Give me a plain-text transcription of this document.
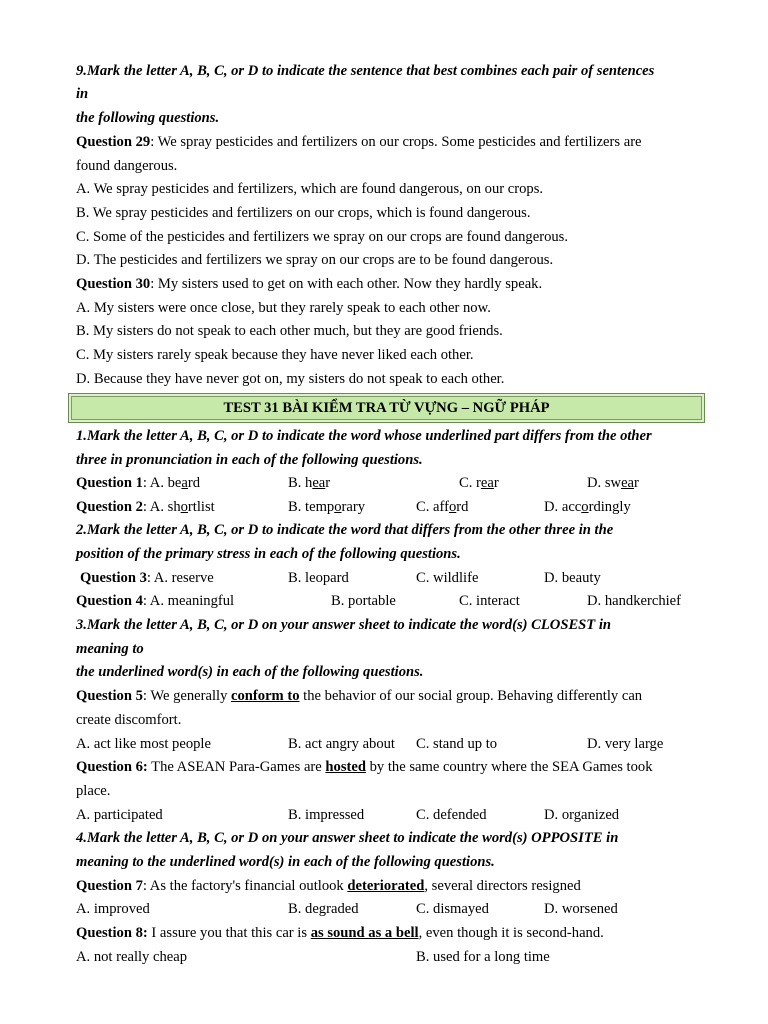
9.Mark the letter A, B, C, or D to indicate the sentence that best combines each pair of sentences
in
the following questions.
Question 29: We spray pesticides and fertilizers on our crops. Some pesticides and fertilizers are
found dangerous.
A. We spray pesticides and fertilizers, which are found dangerous, on our crops.
B. We spray pesticides and fertilizers on our crops, which is found dangerous.
C. Some of the pesticides and fertilizers we spray on our crops are found dangerous.
D. The pesticides and fertilizers we spray on our crops are to be found dangerous.
Question 30: My sisters used to get on with each other. Now they hardly speak.
A. My sisters were once close, but they rarely speak to each other now.
B. My sisters do not speak to each other much, but they are good friends.
C. My sisters rarely speak because they have never liked each other.
D. Because they have never got on, my sisters do not speak to each other.
TEST 31 BÀI KIỂM TRA TỪ VỰNG – NGỮ PHÁP
1.Mark the letter A, B, C, or D to indicate the word whose underlined part differs from the other
three in pronunciation in each of the following questions.
Question 1: A. beard	B. hear	C. rear	D. swear
Question 2: A. shortlist	B. temporary	C. afford	D. accordingly
2.Mark the letter A, B, C, or D to indicate the word that differs from the other three in the
position of the primary stress in each of the following questions.
Question 3: A. reserve	B. leopard	C. wildlife	D. beauty
Question 4: A. meaningful	B. portable	C. interact	D. handkerchief
3.Mark the letter A, B, C, or D on your answer sheet to indicate the word(s) CLOSEST in
meaning to
the underlined word(s) in each of the following questions.
Question 5: We generally conform to the behavior of our social group. Behaving differently can
create discomfort.
A. act like most people	B. act angry about C. stand up to	D. very large
Question 6: The ASEAN Para-Games are hosted by the same country where the SEA Games took
place.
A. participated	B. impressed	C. defended	D. organized
4.Mark the letter A, B, C, or D on your answer sheet to indicate the word(s) OPPOSITE in
meaning to the underlined word(s) in each of the following questions.
Question 7: As the factory's financial outlook deteriorated, several directors resigned
A. improved	B. degraded	C. dismayed	D. worsened
Question 8: I assure you that this car is as sound as a bell, even though it is second-hand.
A. not really cheap	B. used for a long time
